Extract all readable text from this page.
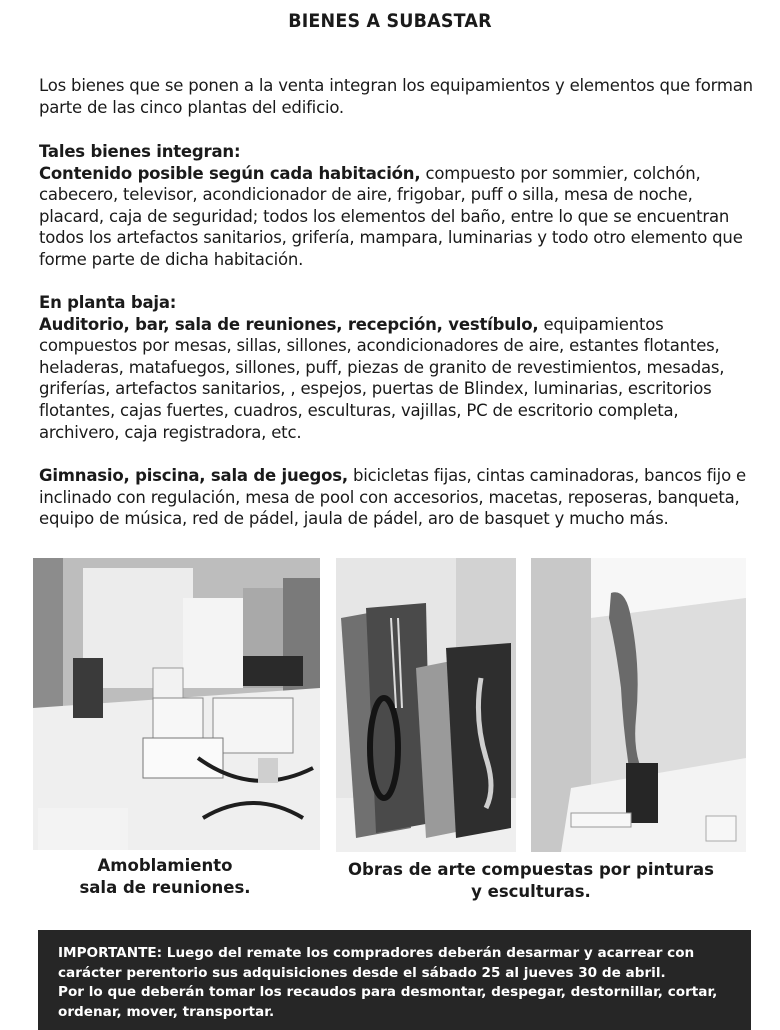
BIENES A SUBASTAR

Los bienes que se ponen a la venta integran los equipamientos y elementos que forman parte de las cinco plantas del edificio.

Tales bienes integran:

Contenido posible según cada habitación, compuesto por sommier, colchón, cabecero, televisor, acondicionador de aire, frigobar, puff o silla, mesa de noche, placard, caja de seguridad; todos los elementos del baño, entre lo que se encuentran todos los artefactos sanitarios, grifería, mampara, luminarias y todo otro elemento que forme parte de dicha habitación.

En planta baja:

Auditorio, bar, sala de reuniones, recepción, vestíbulo, equipamientos compuestos por mesas, sillas, sillones, acondicionadores de aire, estantes flotantes, heladeras, matafuegos, sillones, puff, piezas de granito de revestimientos, mesadas, griferías, artefactos sanitarios, , espejos, puertas de Blindex, luminarias, escritorios flotantes, cajas fuertes, cuadros, esculturas, vajillas, PC de escritorio completa, archivero, caja registradora, etc.

Gimnasio, piscina, sala de juegos, bicicletas fijas, cintas caminadoras, bancos fijo e inclinado con regulación, mesa de pool con accesorios, macetas, reposeras, banqueta, equipo de música, red de pádel, jaula de pádel, aro de basquet y mucho más.

Amoblamiento
sala de reuniones.
Obras de arte compuestas por pinturas
y esculturas.

IMPORTANTE: Luego del remate los compradores deberán desarmar y acarrear con carácter perentorio sus adquisiciones desde el sábado 25 al jueves 30 de abril.

Por lo que deberán tomar los recaudos para desmontar, despegar, destornillar, cortar, ordenar, mover, transportar.
